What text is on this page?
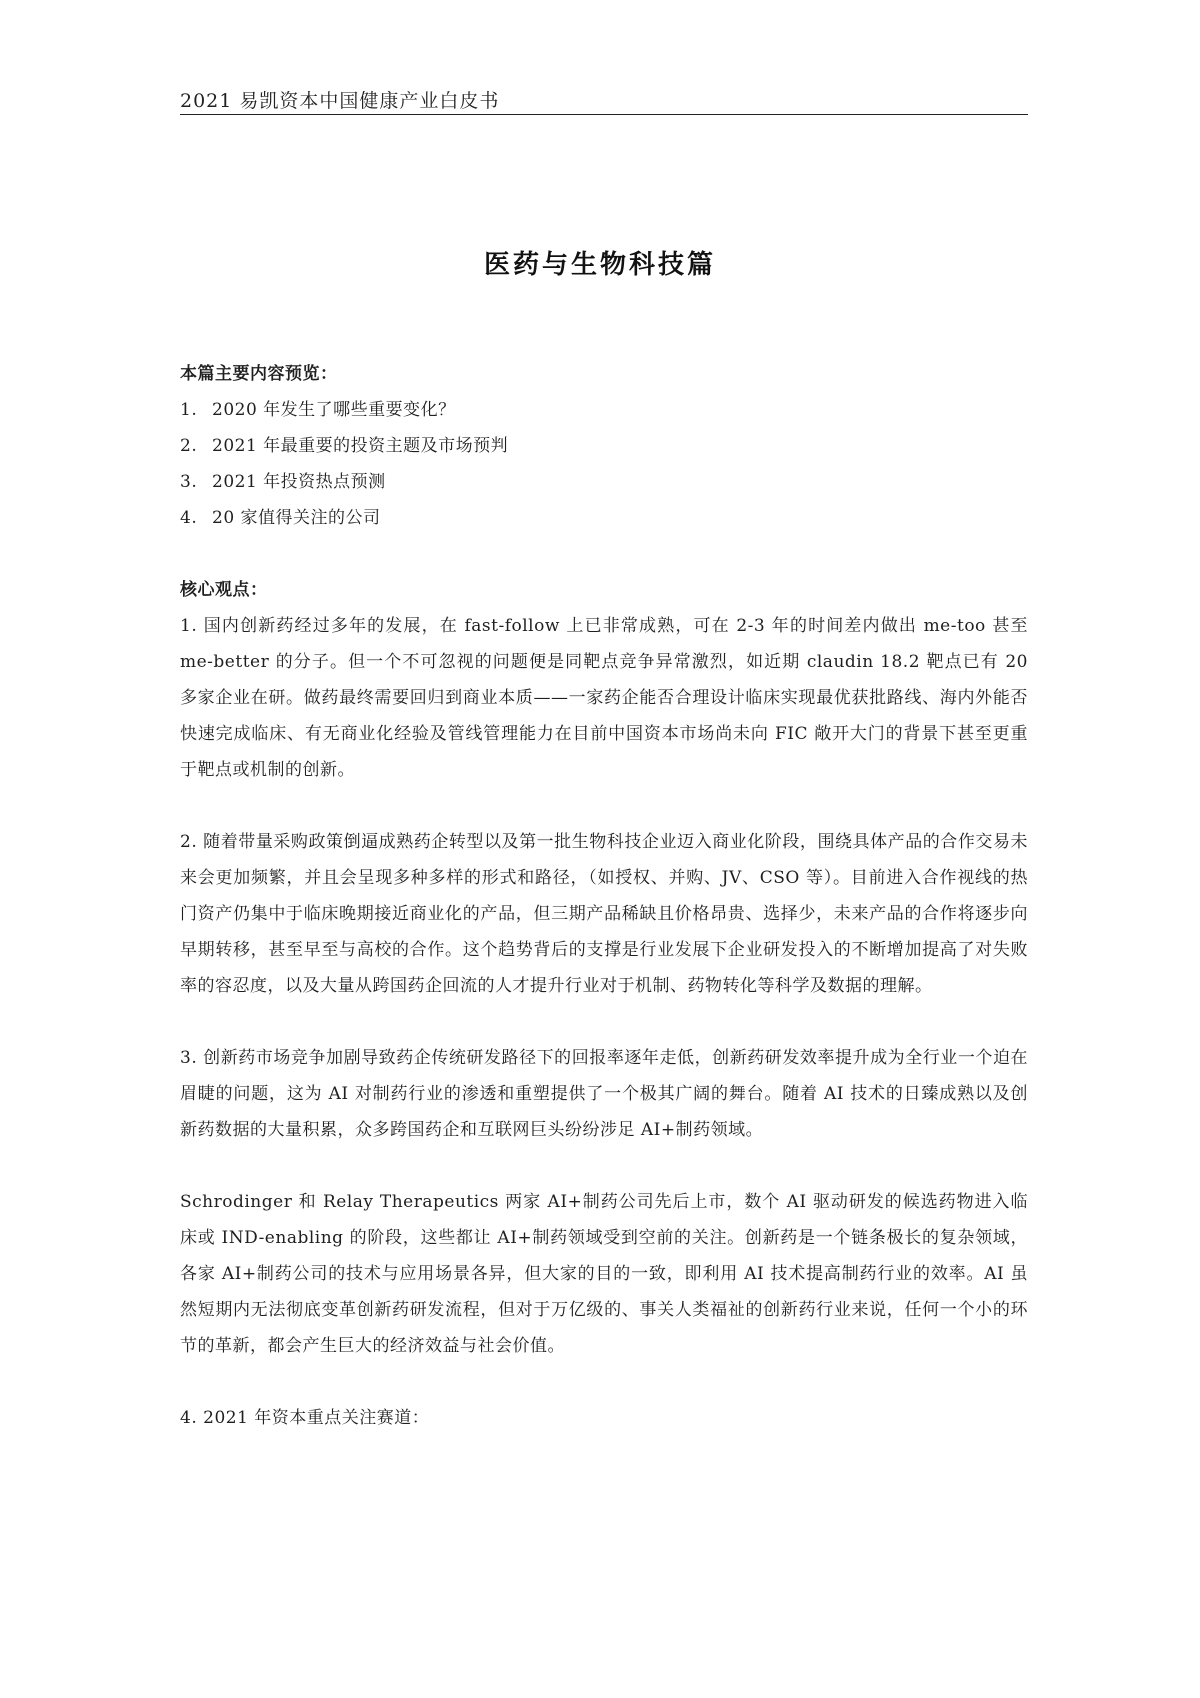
2021 易凯资本中国健康产业白皮书
医药与生物科技篇

本篇主要内容预览：

1. 2020 年发生了哪些重要变化？
2. 2021 年最重要的投资主题及市场预判
3. 2021 年投资热点预测
4. 20 家值得关注的公司

核心观点：

1. 国内创新药经过多年的发展，在 fast-follow 上已非常成熟，可在 2-3 年的时间差内做出 me-too 甚至 me-better 的分子。但一个不可忽视的问题便是同靶点竞争异常激烈，如近期 claudin 18.2 靶点已有 20 多家企业在研。做药最终需要回归到商业本质——一家药企能否合理设计临床实现最优获批路线、海内外能否快速完成临床、有无商业化经验及管线管理能力在目前中国资本市场尚未向 FIC 敞开大门的背景下甚至更重于靶点或机制的创新。

2. 随着带量采购政策倒逼成熟药企转型以及第一批生物科技企业迈入商业化阶段，围绕具体产品的合作交易未来会更加频繁，并且会呈现多种多样的形式和路径，（如授权、并购、JV、CSO 等）。目前进入合作视线的热门资产仍集中于临床晚期接近商业化的产品，但三期产品稀缺且价格昂贵、选择少，未来产品的合作将逐步向早期转移，甚至早至与高校的合作。这个趋势背后的支撑是行业发展下企业研发投入的不断增加提高了对失败率的容忍度，以及大量从跨国药企回流的人才提升行业对于机制、药物转化等科学及数据的理解。

3. 创新药市场竞争加剧导致药企传统研发路径下的回报率逐年走低，创新药研发效率提升成为全行业一个迫在眉睫的问题，这为 AI 对制药行业的渗透和重塑提供了一个极其广阔的舞台。随着 AI 技术的日臻成熟以及创新药数据的大量积累，众多跨国药企和互联网巨头纷纷涉足 AI+制药领域。

Schrodinger 和 Relay Therapeutics 两家 AI+制药公司先后上市，数个 AI 驱动研发的候选药物进入临床或 IND-enabling 的阶段，这些都让 AI+制药领域受到空前的关注。创新药是一个链条极长的复杂领域，各家 AI+制药公司的技术与应用场景各异，但大家的目的一致，即利用 AI 技术提高制药行业的效率。AI 虽然短期内无法彻底变革创新药研发流程，但对于万亿级的、事关人类福祉的创新药行业来说，任何一个小的环节的革新，都会产生巨大的经济效益与社会价值。

4. 2021 年资本重点关注赛道：
